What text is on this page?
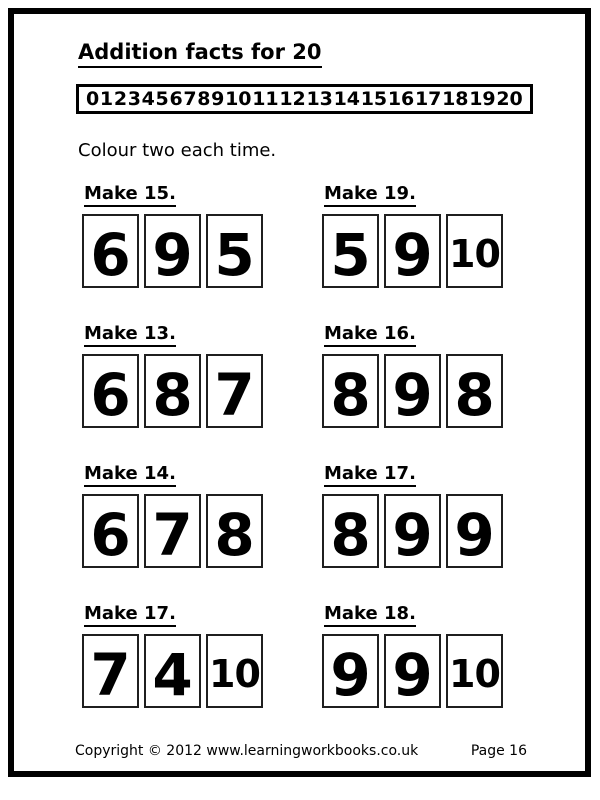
Addition facts for 20
0 1 2 3 4 5 6 7 8 9 10 11 12 13 14 15 16 17 18 19 20
Colour two each time.
Make 15.
6 9 5
Make 19.
5 9 10
Make 13.
6 8 7
Make 16.
8 9 8
Make 14.
6 7 8
Make 17.
8 9 9
Make 17.
7 4 10
Make 18.
9 9 10
Copyright © 2012 www.learningworkbooks.co.uk	Page 16
